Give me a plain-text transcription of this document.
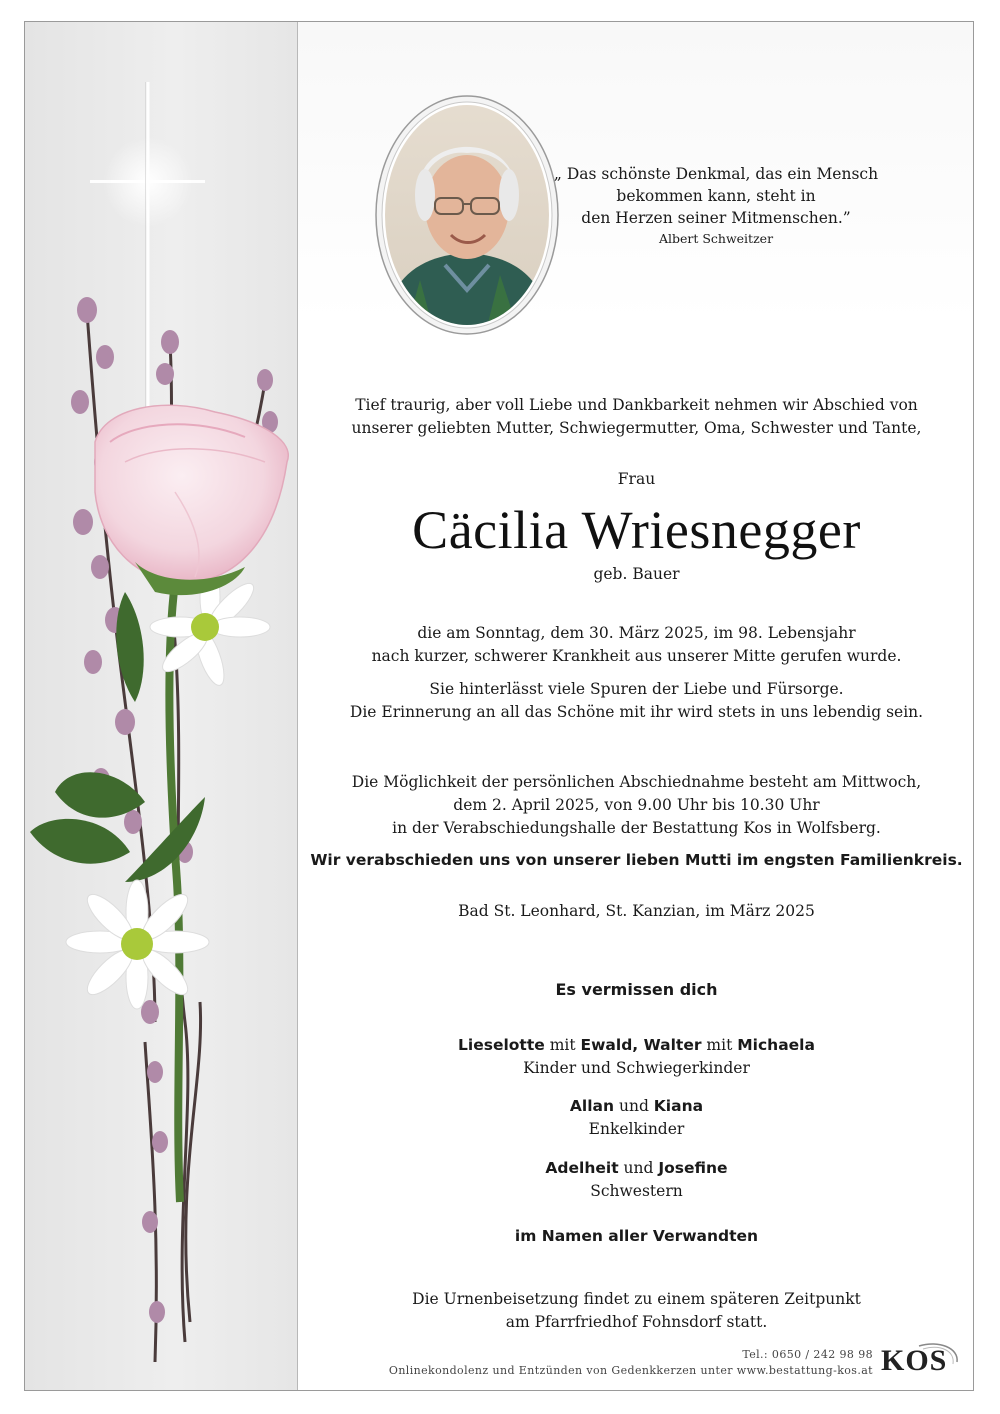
„ Das schönste Denkmal, das ein Mensch
bekommen kann, steht in
den Herzen seiner Mitmenschen.”
Albert Schweitzer
Tief traurig, aber voll Liebe und Dankbarkeit nehmen wir Abschied von
unserer geliebten Mutter, Schwiegermutter, Oma, Schwester und Tante,
Frau
Cäcilia Wriesnegger
geb. Bauer
die am Sonntag, dem 30. März 2025, im 98. Lebensjahr
nach kurzer, schwerer Krankheit aus unserer Mitte gerufen wurde.
Sie hinterlässt viele Spuren der Liebe und Fürsorge.
Die Erinnerung an all das Schöne mit ihr wird stets in uns lebendig sein.
Die Möglichkeit der persönlichen Abschiednahme besteht am Mittwoch,
dem 2. April 2025, von 9.00 Uhr bis 10.30 Uhr
in der Verabschiedungshalle der Bestattung Kos in Wolfsberg.
Wir verabschieden uns von unserer lieben Mutti im engsten Familienkreis.
Bad St. Leonhard, St. Kanzian, im März 2025
Es vermissen dich
Lieselotte mit Ewald, Walter mit Michaela
Kinder und Schwiegerkinder
Allan und Kiana
Enkelkinder
Adelheit und Josefine
Schwestern
im Namen aller Verwandten
Die Urnenbeisetzung findet zu einem späteren Zeitpunkt
am Pfarrfriedhof Fohnsdorf statt.
Tel.: 0650 / 242 98 98
Onlinekondolenz und Entzünden von Gedenkkerzen unter www.bestattung-kos.at KOS
